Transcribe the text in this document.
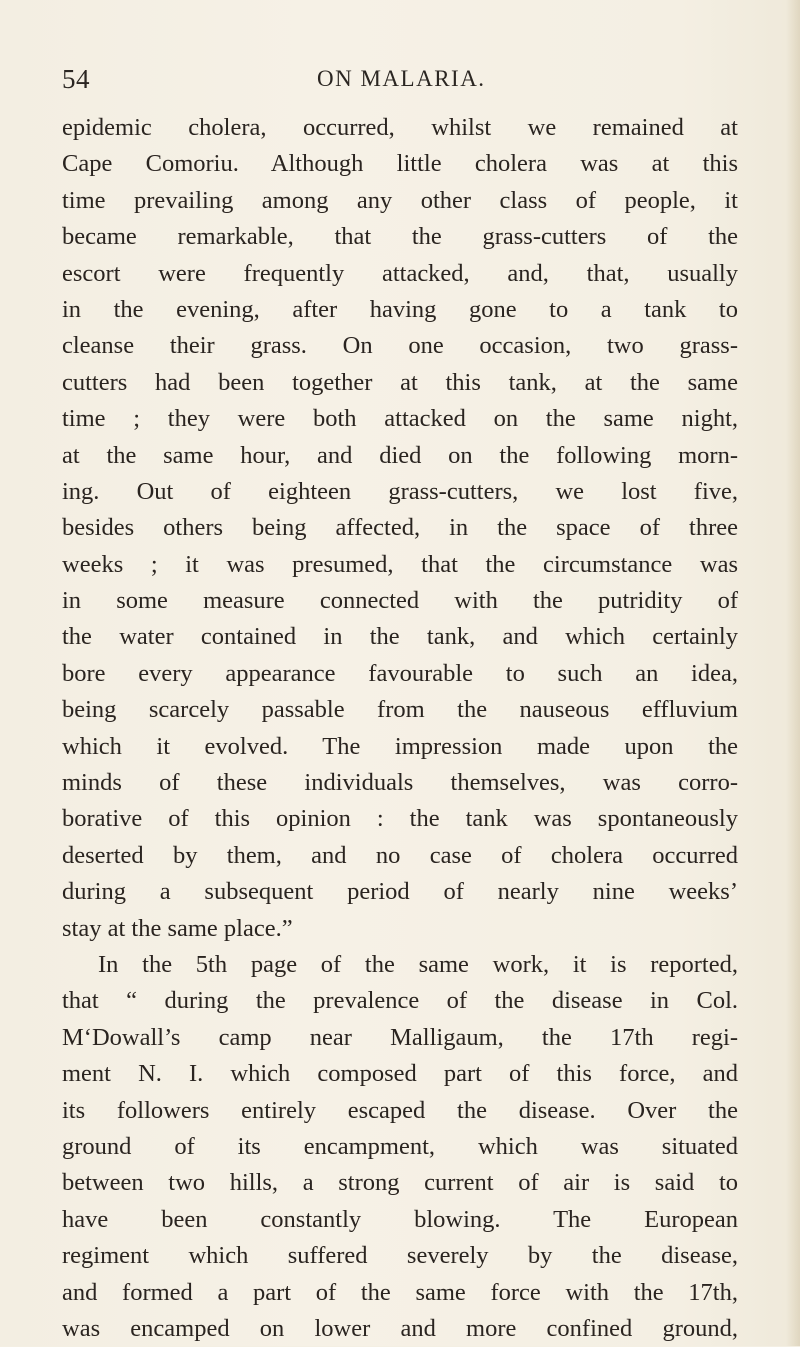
54	ON MALARIA.
epidemic cholera, occurred, whilst we remained at
Cape Comoriu. Although little cholera was at this
time prevailing among any other class of people, it
became remarkable, that the grass-cutters of the
escort were frequently attacked, and, that, usually
in the evening, after having gone to a tank to
cleanse their grass. On one occasion, two grass-
cutters had been together at this tank, at the same
time ; they were both attacked on the same night,
at the same hour, and died on the following morn-
ing. Out of eighteen grass-cutters, we lost five,
besides others being affected, in the space of three
weeks ; it was presumed, that the circumstance was
in some measure connected with the putridity of
the water contained in the tank, and which certainly
bore every appearance favourable to such an idea,
being scarcely passable from the nauseous effluvium
which it evolved. The impression made upon the
minds of these individuals themselves, was corro-
borative of this opinion : the tank was spontaneously
deserted by them, and no case of cholera occurred
during a subsequent period of nearly nine weeks’
stay at the same place.”
In the 5th page of the same work, it is reported,
that “ during the prevalence of the disease in Col.
M‘Dowall’s camp near Malligaum, the 17th regi-
ment N. I. which composed part of this force, and
its followers entirely escaped the disease. Over the
ground of its encampment, which was situated
between two hills, a strong current of air is said to
have been constantly blowing. The European
regiment which suffered severely by the disease,
and formed a part of the same force with the 17th,
was encamped on lower and more confined ground,
